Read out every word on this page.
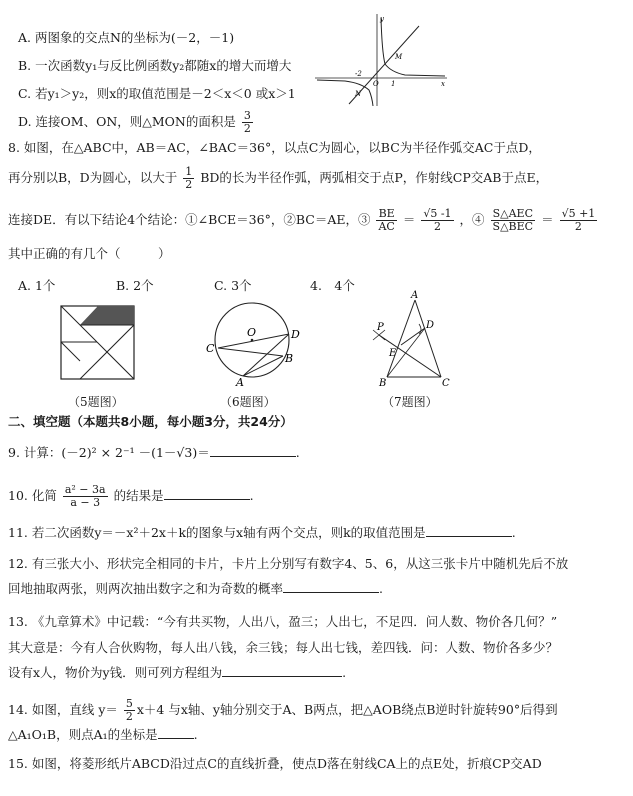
A. 两图象的交点N的坐标为(－2，－1)
B. 一次函数y₁与反比例函数y₂都随x的增大而增大
C. 若y₁＞y₂，则x的取值范围是－2＜x＜0 或x＞1
D. 连接OM、ON，则△MON的面积是 $\frac{3}{2}$
y
x
M
N
O
-2
1
8. 如图，在△ABC中，AB＝AC，∠BAC＝36°，以点C为圆心，以BC为半径作弧交AC于点D，
再分别以B，D为圆心，以大于 $\frac{1}{2}$ BD的长为半径作弧，两弧相交于点P，作射线CP交AB于点E，
连接DE．有以下结论4个结论：①∠BCE＝36°，②BC＝AE，③ $\frac{BE}{AC} = \frac{√5 -1}{2}$ ，④ $\frac{\text{S△AEC}}{\text{S△BEC}} = \frac{√5 +1}{2}$
其中正确的有几个（　　　）
A. 1个	B. 2个	C. 3个	4.　4个
O
C
D
B
A
A
P	D
E
B	C
（5题图）	（6题图）	（7题图）
二、填空题（本题共8小题，每小题3分，共24分）
9. 计算：(－2)² × 2⁻¹ －(1－√3)＝	.
10. 化简 $\frac{\text{a² − 3a}}{a - 3}$ 的结果是	.
11. 若二次函数y＝－x²＋2x＋k的图象与x轴有两个交点，则k的取值范围是	.
12. 有三张大小、形状完全相同的卡片，卡片上分别写有数字4、5、6，从这三张卡片中随机先后不放
回地抽取两张，则两次抽出数字之和为奇数的概率	.
13. 《九章算术》中记载：“今有共买物，人出八，盈三；人出七，不足四．问人数、物价各几何？”
其大意是：今有人合伙购物，每人出八钱，余三钱；每人出七钱，差四钱．问：人数、物价各多少？
设有x人，物价为y钱．则可列方程组为	.
14. 如图，直线 $y= \frac{5}{2} x+4$ 与x轴、y轴分别交于A、B两点，把△AOB绕点B逆时针旋转90°后得到
△A₁O₁B，则点A₁的坐标是	.
15. 如图，将菱形纸片ABCD沿过点C的直线折叠，使点D落在射线CA上的点E处，折痕CP交AD
